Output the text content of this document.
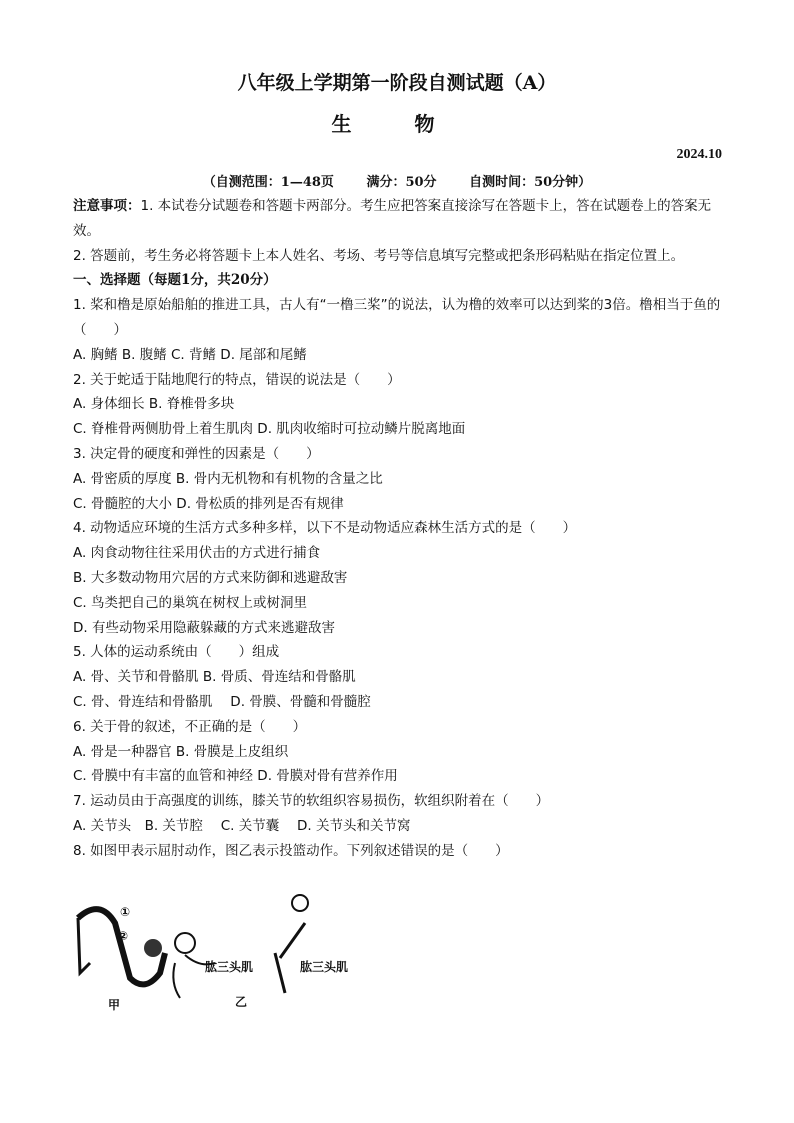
八年级上学期第一阶段自测试题（A）
生 物
2024.10
（自测范围：1—48页	满分：50分	自测时间：50分钟）

注意事项：1. 本试卷分试题卷和答题卡两部分。考生应把答案直接涂写在答题卡上，答在试题卷上的答案无效。

2. 答题前，考生务必将答题卡上本人姓名、考场、考号等信息填写完整或把条形码粘贴在指定位置上。

一、选择题（每题1分，共20分）

1. 桨和橹是原始船舶的推进工具，古人有“一橹三桨”的说法，认为橹的效率可以达到桨的3倍。橹相当于鱼的（　　）

A. 胸鳍 B. 腹鳍 C. 背鳍 D. 尾部和尾鳍

2. 关于蛇适于陆地爬行的特点，错误的说法是（　　）

A. 身体细长 B. 脊椎骨多块

C. 脊椎骨两侧肋骨上着生肌肉 D. 肌肉收缩时可拉动鳞片脱离地面

3. 决定骨的硬度和弹性的因素是（　　）

A. 骨密质的厚度 B. 骨内无机物和有机物的含量之比

C. 骨髓腔的大小 D. 骨松质的排列是否有规律

4. 动物适应环境的生活方式多种多样，以下不是动物适应森林生活方式的是（　　）

A. 肉食动物往往采用伏击的方式进行捕食

B. 大多数动物用穴居的方式来防御和逃避敌害

C. 鸟类把自己的巢筑在树杈上或树洞里

D. 有些动物采用隐蔽躲藏的方式来逃避敌害

5. 人体的运动系统由（　　）组成

A. 骨、关节和骨骼肌 B. 骨质、骨连结和骨骼肌

C. 骨、骨连结和骨骼肌　 D. 骨膜、骨髓和骨髓腔

6. 关于骨的叙述，不正确的是（　　）

A. 骨是一种器官 B. 骨膜是上皮组织

C. 骨膜中有丰富的血管和神经 D. 骨膜对骨有营养作用

7. 运动员由于高强度的训练，膝关节的软组织容易损伤，软组织附着在（　　）

A. 关节头　B. 关节腔　 C. 关节囊　 D. 关节头和关节窝

8. 如图甲表示屈肘动作，图乙表示投篮动作。下列叙述错误的是（　　）

①
②
肱三头肌	肱三头肌
甲	乙
